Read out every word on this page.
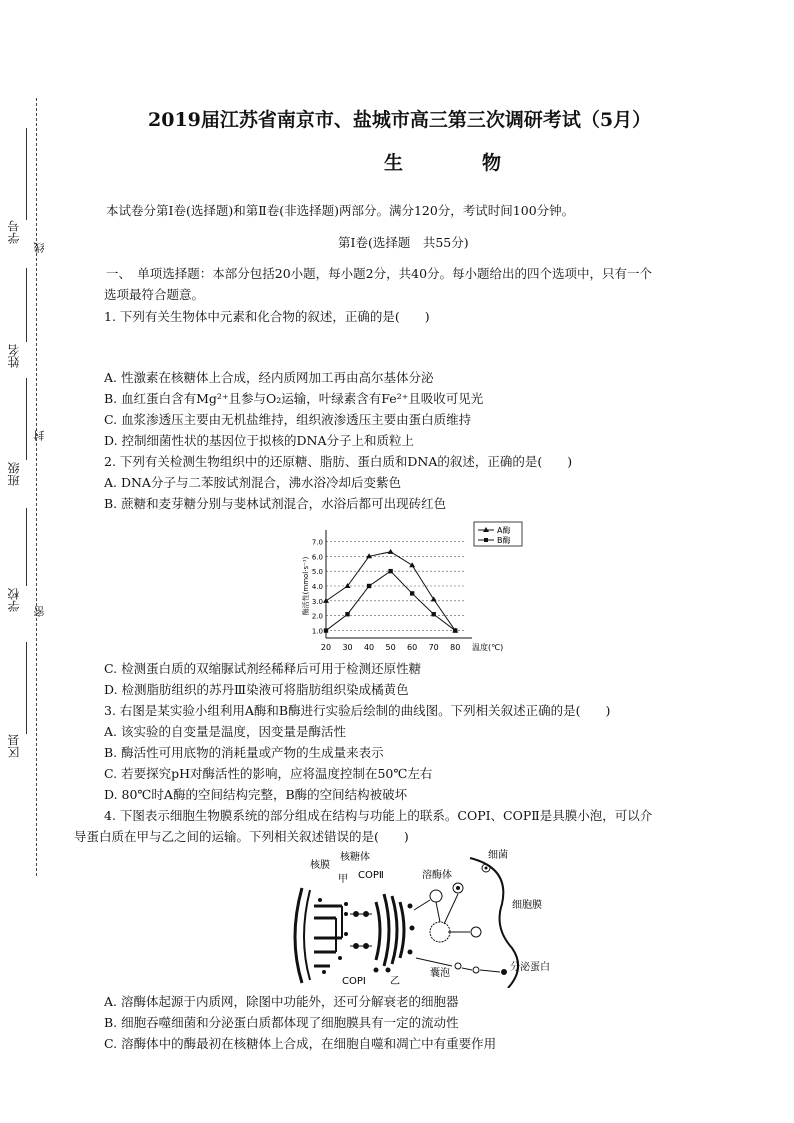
学号
线
姓名
封
班级
学校 密
区县
2019届江苏省南京市、盐城市高三第三次调研考试（5月）
生　物
本试卷分第Ⅰ卷(选择题)和第Ⅱ卷(非选择题)两部分。满分120分，考试时间100分钟。
第Ⅰ卷(选择题　共55分)
一、　单项选择题：本部分包括20小题，每小题2分，共40分。每小题给出的四个选项中，只有一个
选项最符合题意。
1. 下列有关生物体中元素和化合物的叙述，正确的是(　　)
A. 性激素在核糖体上合成，经内质网加工再由高尔基体分泌
B. 血红蛋白含有Mg²⁺且参与O₂运输，叶绿素含有Fe²⁺且吸收可见光
C. 血浆渗透压主要由无机盐维持，组织液渗透压主要由蛋白质维持
D. 控制细菌性状的基因位于拟核的DNA分子上和质粒上
2. 下列有关检测生物组织中的还原糖、脂肪、蛋白质和DNA的叙述，正确的是(　　)
A. DNA分子与二苯胺试剂混合，沸水浴冷却后变紫色
B. 蔗糖和麦芽糖分别与斐林试剂混合，水浴后都可出现砖红色
1.0
2.0
3.0
4.0
5.0
6.0
7.0
20 30 40 50 60 70 80 温度(℃)
酶活性(mmol·s⁻¹)
A酶
B酶
C. 检测蛋白质的双缩脲试剂经稀释后可用于检测还原性糖
D. 检测脂肪组织的苏丹Ⅲ染液可将脂肪组织染成橘黄色
3. 右图是某实验小组利用A酶和B酶进行实验后绘制的曲线图。下列相关叙述正确的是(　　)
A. 该实验的自变量是温度，因变量是酶活性
B. 酶活性可用底物的消耗量或产物的生成量来表示
C. 若要探究pH对酶活性的影响，应将温度控制在50℃左右
D. 80℃时A酶的空间结构完整，B酶的空间结构被破坏
4. 下图表示细胞生物膜系统的部分组成在结构与功能上的联系。COPⅠ、COPⅡ是具膜小泡，可以介
导蛋白质在甲与乙之间的运输。下列相关叙述错误的是(　　)
核膜
核糖体
甲 COPⅡ
COPⅠ 乙
溶酶体
细菌
细胞膜
囊泡
分泌蛋白
A. 溶酶体起源于内质网，除图中功能外，还可分解衰老的细胞器
B. 细胞吞噬细菌和分泌蛋白质都体现了细胞膜具有一定的流动性
C. 溶酶体中的酶最初在核糖体上合成，在细胞自噬和凋亡中有重要作用
